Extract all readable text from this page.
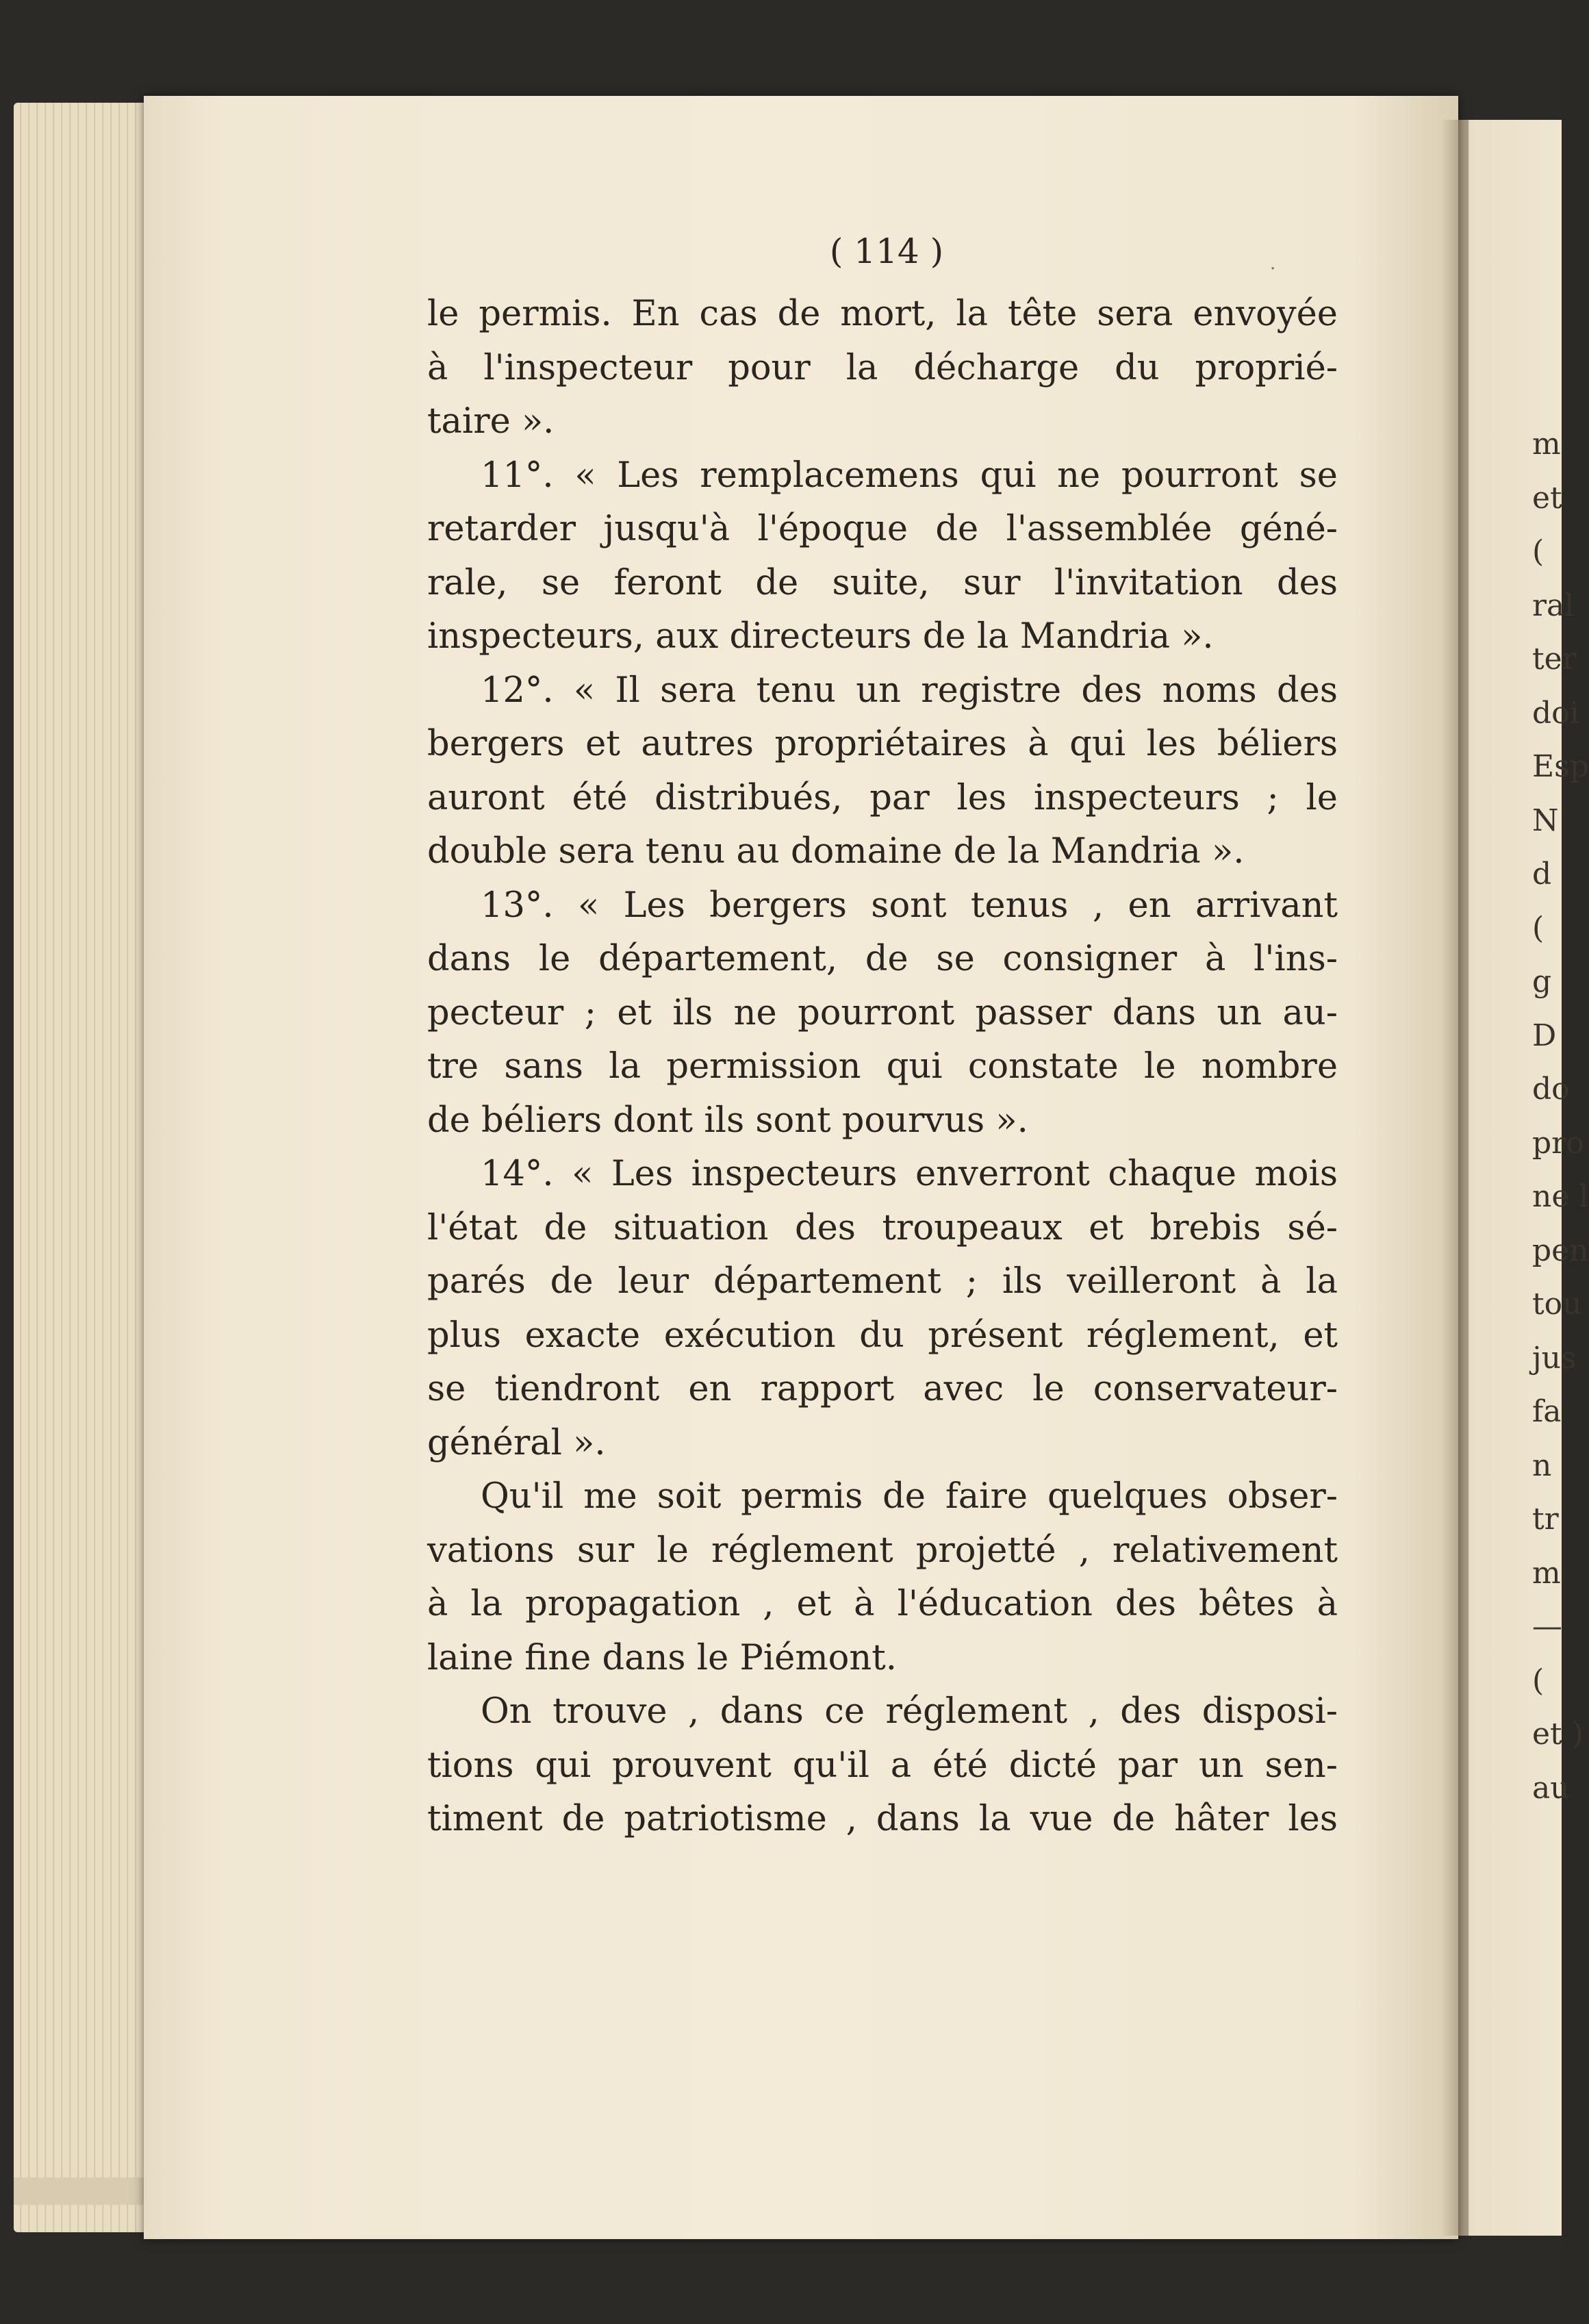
m
et
(
ral
ter
doi
Esp
N
d
(
g
D
do
pro
ne l
pen
tou
jus
fa
n
tr
m
—
(
et )
au
( 114 )	·
le permis. En cas de mort, la tête sera envoyée
à l'inspecteur pour la décharge du proprié-
taire ».
11°. « Les remplacemens qui ne pourront se
retarder jusqu'à l'époque de l'assemblée géné-
rale, se feront de suite, sur l'invitation des
inspecteurs, aux directeurs de la Mandria ».
12°. « Il sera tenu un registre des noms des
bergers et autres propriétaires à qui les béliers
auront été distribués, par les inspecteurs ; le
double sera tenu au domaine de la Mandria ».
13°. « Les bergers sont tenus , en arrivant
dans le département, de se consigner à l'ins-
pecteur ; et ils ne pourront passer dans un au-
tre sans la permission qui constate le nombre
de béliers dont ils sont pourvus ».
14°. « Les inspecteurs enverront chaque mois
l'état de situation des troupeaux et brebis sé-
parés de leur département ; ils veilleront à la
plus exacte exécution du présent réglement, et
se tiendront en rapport avec le conservateur-
général ».
Qu'il me soit permis de faire quelques obser-
vations sur le réglement projetté , relativement
à la propagation , et à l'éducation des bêtes à
laine fine dans le Piémont.
On trouve , dans ce réglement , des disposi-
tions qui prouvent qu'il a été dicté par un sen-
timent de patriotisme , dans la vue de hâter les
